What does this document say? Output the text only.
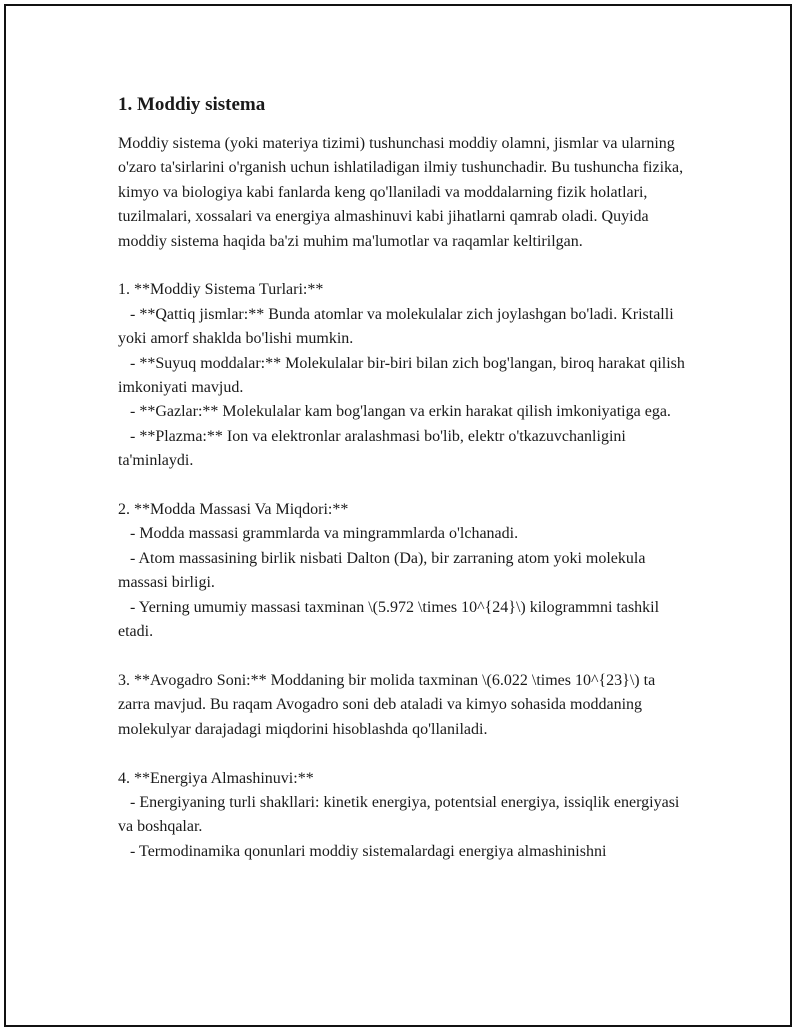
1. Moddiy sistema

Moddiy sistema (yoki materiya tizimi) tushunchasi moddiy olamni, jismlar va ularning o'zaro ta'sirlarini o'rganish uchun ishlatiladigan ilmiy tushunchadir. Bu tushuncha fizika, kimyo va biologiya kabi fanlarda keng qo'llaniladi va moddalarning fizik holatlari, tuzilmalari, xossalari va energiya almashinuvi kabi jihatlarni qamrab oladi. Quyida moddiy sistema haqida ba'zi muhim ma'lumotlar va raqamlar keltirilgan.

1. **Moddiy Sistema Turlari:**

- **Qattiq jismlar:** Bunda atomlar va molekulalar zich joylashgan bo'ladi. Kristalli yoki amorf shaklda bo'lishi mumkin.

- **Suyuq moddalar:** Molekulalar bir-biri bilan zich bog'langan, biroq harakat qilish imkoniyati mavjud.

- **Gazlar:** Molekulalar kam bog'langan va erkin harakat qilish imkoniyatiga ega.

- **Plazma:** Ion va elektronlar aralashmasi bo'lib, elektr o'tkazuvchanligini ta'minlaydi.

2. **Modda Massasi Va Miqdori:**

- Modda massasi grammlarda va mingrammlarda o'lchanadi.

- Atom massasining birlik nisbati Dalton (Da), bir zarraning atom yoki molekula massasi birligi.

- Yerning umumiy massasi taxminan \(5.972 \times 10^{24}\) kilogrammni tashkil etadi.

3. **Avogadro Soni:** Moddaning bir molida taxminan \(6.022 \times 10^{23}\) ta zarra mavjud. Bu raqam Avogadro soni deb ataladi va kimyo sohasida moddaning molekulyar darajadagi miqdorini hisoblashda qo'llaniladi.

4. **Energiya Almashinuvi:**

- Energiyaning turli shakllari: kinetik energiya, potentsial energiya, issiqlik energiyasi va boshqalar.

- Termodinamika qonunlari moddiy sistemalardagi energiya almashinishni
